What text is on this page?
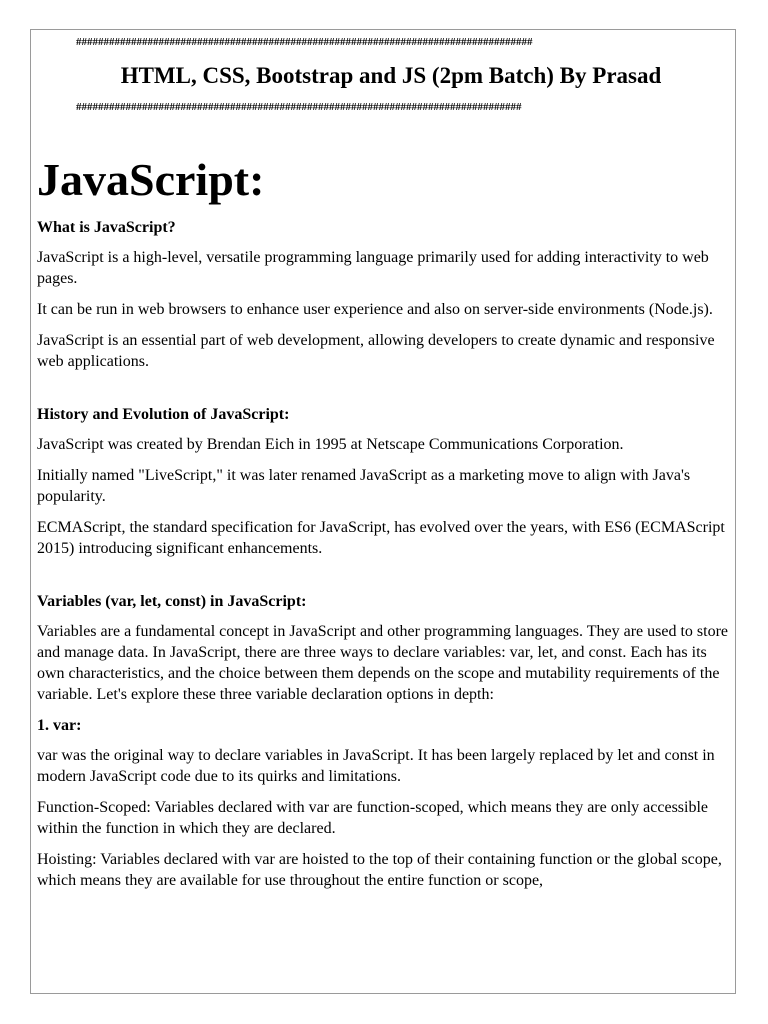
###################################################################################
HTML, CSS, Bootstrap and JS (2pm Batch) By Prasad
#################################################################################
JavaScript:
What is JavaScript?

JavaScript is a high-level, versatile programming language primarily used for adding interactivity to web pages.

It can be run in web browsers to enhance user experience and also on server-side environments (Node.js).

JavaScript is an essential part of web development, allowing developers to create dynamic and responsive web applications.

History and Evolution of JavaScript:

JavaScript was created by Brendan Eich in 1995 at Netscape Communications Corporation.

Initially named "LiveScript," it was later renamed JavaScript as a marketing move to align with Java's popularity.

ECMAScript, the standard specification for JavaScript, has evolved over the years, with ES6 (ECMAScript 2015) introducing significant enhancements.

Variables (var, let, const) in JavaScript:

Variables are a fundamental concept in JavaScript and other programming languages. They are used to store and manage data. In JavaScript, there are three ways to declare variables: var, let, and const. Each has its own characteristics, and the choice between them depends on the scope and mutability requirements of the variable. Let's explore these three variable declaration options in depth:

1. var:

var was the original way to declare variables in JavaScript. It has been largely replaced by let and const in modern JavaScript code due to its quirks and limitations.

Function-Scoped: Variables declared with var are function-scoped, which means they are only accessible within the function in which they are declared.

Hoisting: Variables declared with var are hoisted to the top of their containing function or the global scope, which means they are available for use throughout the entire function or scope,
